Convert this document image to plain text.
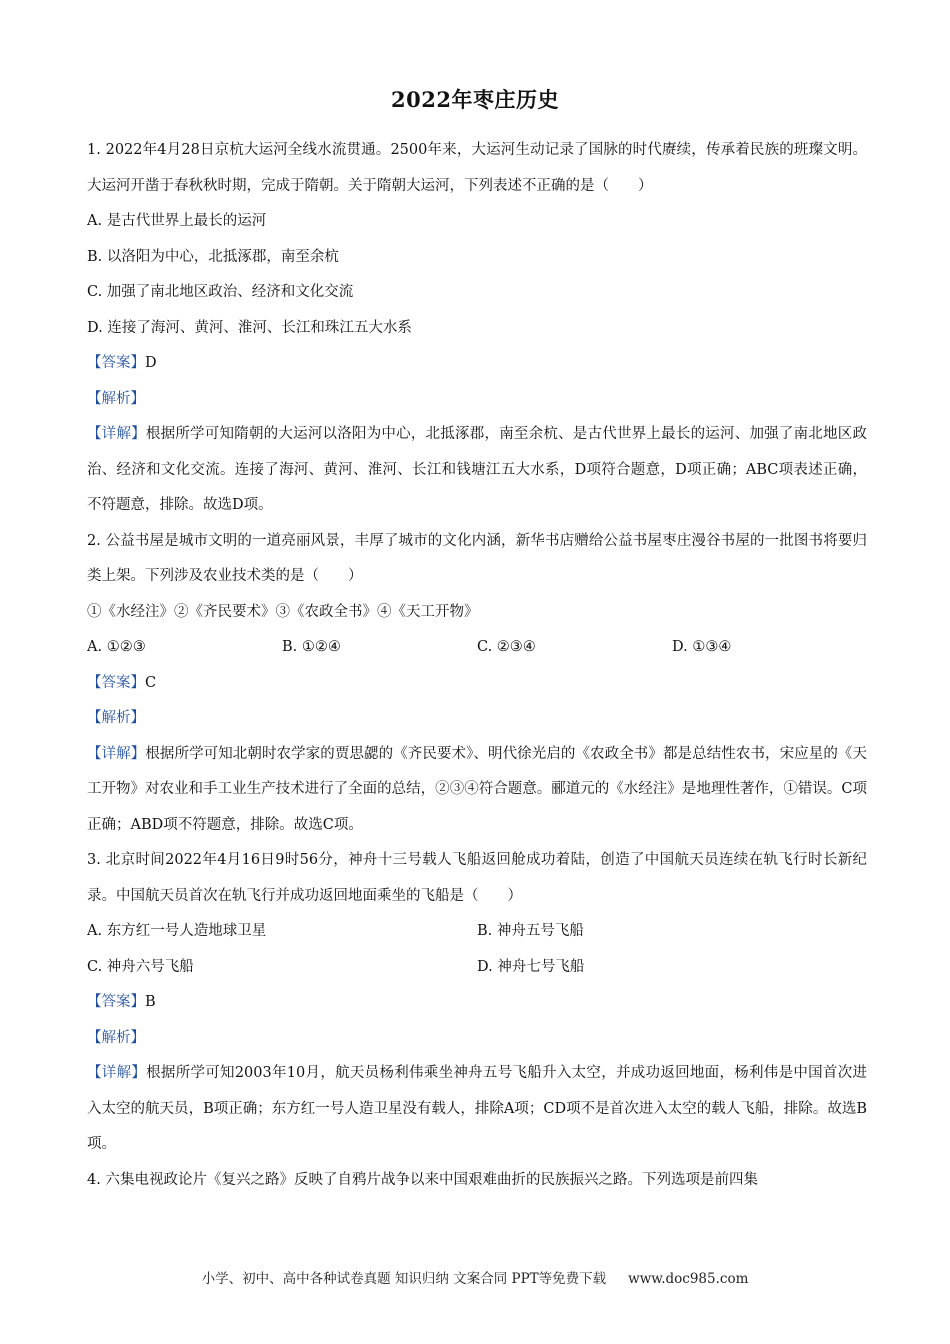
2022年枣庄历史
1. 2022年4月28日京杭大运河全线水流贯通。2500年来，大运河生动记录了国脉的时代赓续，传承着民族的班璨文明。大运河开凿于春秋秋时期，完成于隋朝。关于隋朝大运河，下列表述不正确的是（　　）
A. 是古代世界上最长的运河
B. 以洛阳为中心，北抵涿郡，南至余杭
C. 加强了南北地区政治、经济和文化交流
D. 连接了海河、黄河、淮河、长江和珠江五大水系
【答案】D
【解析】
【详解】根据所学可知隋朝的大运河以洛阳为中心，北抵涿郡，南至余杭、是古代世界上最长的运河、加强了南北地区政治、经济和文化交流。连接了海河、黄河、淮河、长江和钱塘江五大水系，D项符合题意，D项正确；ABC项表述正确，不符题意，排除。故选D项。
2. 公益书屋是城市文明的一道亮丽风景，丰厚了城市的文化内涵，新华书店赠给公益书屋枣庄漫谷书屋的一批图书将要归类上架。下列涉及农业技术类的是（　　）
①《水经注》②《齐民要术》③《农政全书》④《天工开物》
A. ①②③	B. ①②④	C. ②③④	D. ①③④
【答案】C
【解析】
【详解】根据所学可知北朝时农学家的贾思勰的《齐民要术》、明代徐光启的《农政全书》都是总结性农书，宋应星的《天工开物》对农业和手工业生产技术进行了全面的总结，②③④符合题意。郦道元的《水经注》是地理性著作，①错误。C项正确；ABD项不符题意，排除。故选C项。
3. 北京时间2022年4月16日9时56分，神舟十三号载人飞船返回舱成功着陆，创造了中国航天员连续在轨飞行时长新纪录。中国航天员首次在轨飞行并成功返回地面乘坐的飞船是（　　）
A. 东方红一号人造地球卫星	B. 神舟五号飞船
C. 神舟六号飞船	D. 神舟七号飞船
【答案】B
【解析】
【详解】根据所学可知2003年10月，航天员杨利伟乘坐神舟五号飞船升入太空，并成功返回地面，杨利伟是中国首次进入太空的航天员，B项正确；东方红一号人造卫星没有载人，排除A项；CD项不是首次进入太空的载人飞船，排除。故选B项。
4. 六集电视政论片《复兴之路》反映了自鸦片战争以来中国艰难曲折的民族振兴之路。下列选项是前四集
小学、初中、高中各种试卷真题 知识归纳 文案合同 PPT等免费下载 www.doc985.com
